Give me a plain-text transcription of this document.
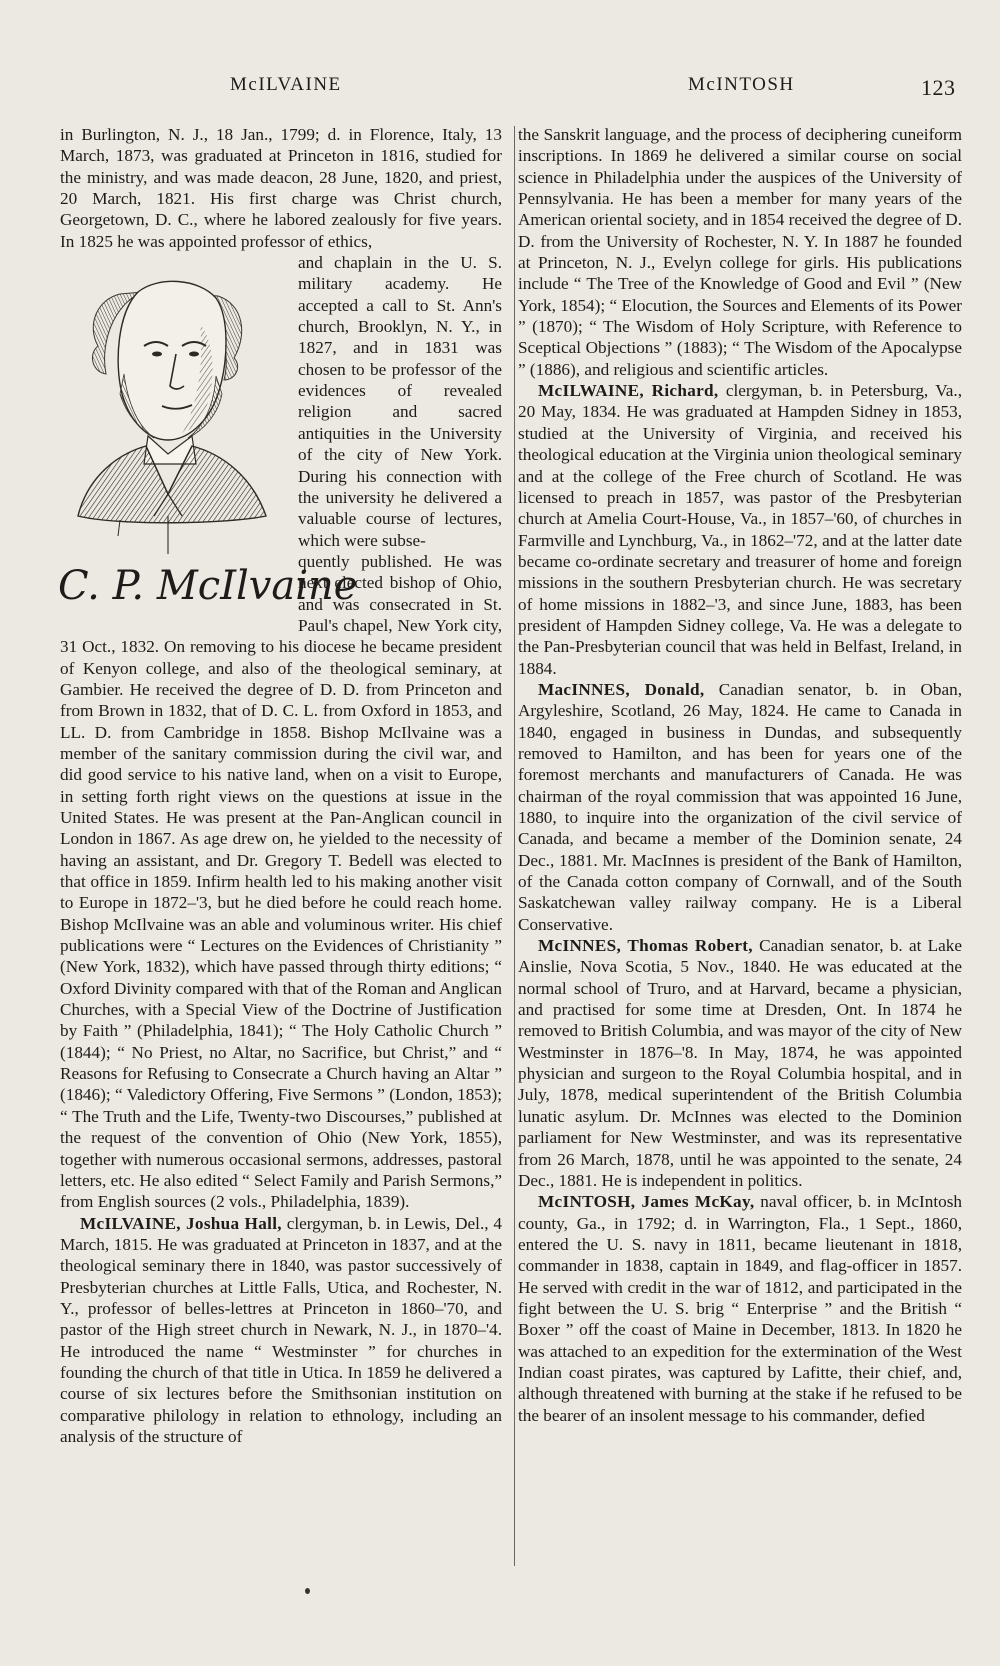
McILVAINE	McINTOSH	123

in Burlington, N. J., 18 Jan., 1799; d. in Florence, Italy, 13 March, 1873, was graduated at Princeton in 1816, studied for the ministry, and was made deacon, 28 June, 1820, and priest, 20 March, 1821. His first charge was Christ church, Georgetown, D. C., where he labored zealously for five years. In 1825 he was appointed professor of ethics,

C. P. McIlvaine

and chaplain in the U. S. military academy. He accepted a call to St. Ann's church, Brooklyn, N. Y., in 1827, and in 1831 was chosen to be professor of the evidences of revealed religion and sacred antiquities in the University of the city of New York. During his connection with the university he delivered a valuable course of lectures, which were subse-

quently published. He was next elected bishop of Ohio, and was consecrated in St. Paul's chapel, New York city, 31 Oct., 1832. On removing to his diocese he became president of Kenyon college, and also of the theological seminary, at Gambier. He received the degree of D. D. from Princeton and from Brown in 1832, that of D. C. L. from Oxford in 1853, and LL. D. from Cambridge in 1858. Bishop McIlvaine was a member of the sanitary commission during the civil war, and did good service to his native land, when on a visit to Europe, in setting forth right views on the questions at issue in the United States. He was present at the Pan-Anglican council in London in 1867. As age drew on, he yielded to the necessity of having an assistant, and Dr. Gregory T. Bedell was elected to that office in 1859. Infirm health led to his making another visit to Europe in 1872–'3, but he died before he could reach home. Bishop McIlvaine was an able and voluminous writer. His chief publications were “ Lectures on the Evidences of Christianity ” (New York, 1832), which have passed through thirty editions; “ Oxford Divinity compared with that of the Roman and Anglican Churches, with a Special View of the Doctrine of Justification by Faith ” (Philadelphia, 1841); “ The Holy Catholic Church ” (1844); “ No Priest, no Altar, no Sacrifice, but Christ,” and “ Reasons for Refusing to Consecrate a Church having an Altar ” (1846); “ Valedictory Offering, Five Sermons ” (London, 1853); “ The Truth and the Life, Twenty-two Discourses,” published at the request of the convention of Ohio (New York, 1855), together with numerous occasional sermons, addresses, pastoral letters, etc. He also edited “ Select Family and Parish Sermons,” from English sources (2 vols., Philadelphia, 1839).

McILVAINE, Joshua Hall, clergyman, b. in Lewis, Del., 4 March, 1815. He was graduated at Princeton in 1837, and at the theological seminary there in 1840, was pastor successively of Presbyterian churches at Little Falls, Utica, and Rochester, N. Y., professor of belles-lettres at Princeton in 1860–'70, and pastor of the High street church in Newark, N. J., in 1870–'4. He introduced the name “ Westminster ” for churches in founding the church of that title in Utica. In 1859 he delivered a course of six lectures before the Smithsonian institution on comparative philology in relation to ethnology, including an analysis of the structure of

the Sanskrit language, and the process of deciphering cuneiform inscriptions. In 1869 he delivered a similar course on social science in Philadelphia under the auspices of the University of Pennsylvania. He has been a member for many years of the American oriental society, and in 1854 received the degree of D. D. from the University of Rochester, N. Y. In 1887 he founded at Princeton, N. J., Evelyn college for girls. His publications include “ The Tree of the Knowledge of Good and Evil ” (New York, 1854); “ Elocution, the Sources and Elements of its Power ” (1870); “ The Wisdom of Holy Scripture, with Reference to Sceptical Objections ” (1883); “ The Wisdom of the Apocalypse ” (1886), and religious and scientific articles.

McILWAINE, Richard, clergyman, b. in Petersburg, Va., 20 May, 1834. He was graduated at Hampden Sidney in 1853, studied at the University of Virginia, and received his theological education at the Virginia union theological seminary and at the college of the Free church of Scotland. He was licensed to preach in 1857, was pastor of the Presbyterian church at Amelia Court-House, Va., in 1857–'60, of churches in Farmville and Lynchburg, Va., in 1862–'72, and at the latter date became co-ordinate secretary and treasurer of home and foreign missions in the southern Presbyterian church. He was secretary of home missions in 1882–'3, and since June, 1883, has been president of Hampden Sidney college, Va. He was a delegate to the Pan-Presbyterian council that was held in Belfast, Ireland, in 1884.

MacINNES, Donald, Canadian senator, b. in Oban, Argyleshire, Scotland, 26 May, 1824. He came to Canada in 1840, engaged in business in Dundas, and subsequently removed to Hamilton, and has been for years one of the foremost merchants and manufacturers of Canada. He was chairman of the royal commission that was appointed 16 June, 1880, to inquire into the organization of the civil service of Canada, and became a member of the Dominion senate, 24 Dec., 1881. Mr. MacInnes is president of the Bank of Hamilton, of the Canada cotton company of Cornwall, and of the South Saskatchewan valley railway company. He is a Liberal Conservative.

McINNES, Thomas Robert, Canadian senator, b. at Lake Ainslie, Nova Scotia, 5 Nov., 1840. He was educated at the normal school of Truro, and at Harvard, became a physician, and practised for some time at Dresden, Ont. In 1874 he removed to British Columbia, and was mayor of the city of New Westminster in 1876–'8. In May, 1874, he was appointed physician and surgeon to the Royal Columbia hospital, and in July, 1878, medical superintendent of the British Columbia lunatic asylum. Dr. McInnes was elected to the Dominion parliament for New Westminster, and was its representative from 26 March, 1878, until he was appointed to the senate, 24 Dec., 1881. He is independent in politics.

McINTOSH, James McKay, naval officer, b. in McIntosh county, Ga., in 1792; d. in Warrington, Fla., 1 Sept., 1860, entered the U. S. navy in 1811, became lieutenant in 1818, commander in 1838, captain in 1849, and flag-officer in 1857. He served with credit in the war of 1812, and participated in the fight between the U. S. brig “ Enterprise ” and the British “ Boxer ” off the coast of Maine in December, 1813. In 1820 he was attached to an expedition for the extermination of the West Indian coast pirates, was captured by Lafitte, their chief, and, although threatened with burning at the stake if he refused to be the bearer of an insolent message to his commander, defied
